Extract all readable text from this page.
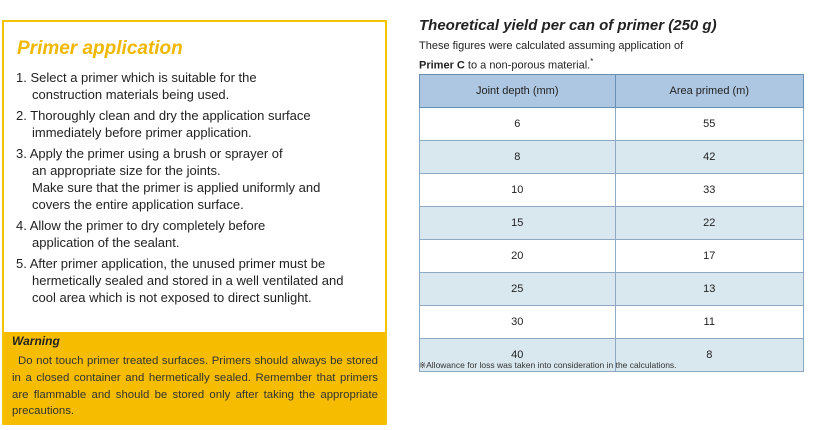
Primer application
1. Select a primer which is suitable for the
construction materials being used.
2. Thoroughly clean and dry the application surface
immediately before primer application.
3. Apply the primer using a brush or sprayer of
an appropriate size for the joints.
Make sure that the primer is applied uniformly and
covers the entire application surface.
4. Allow the primer to dry completely before
application of the sealant.
5. After primer application, the unused primer must be
hermetically sealed and stored in a well ventilated and
cool area which is not exposed to direct sunlight.
Warning
Do not touch primer treated surfaces. Primers should always be stored in a closed container and hermetically sealed. Remember that primers are flammable and should be stored only after taking the appropriate precautions.
Theoretical yield per can of primer (250 g)
These figures were calculated assuming application of
Primer C to a non-porous material.*
Joint depth (mm)	Area primed (m)
6	55
8	42
10	33
15	22
20	17
25	13
30	11
40	8
※Allowance for loss was taken into consideration in the calculations.
